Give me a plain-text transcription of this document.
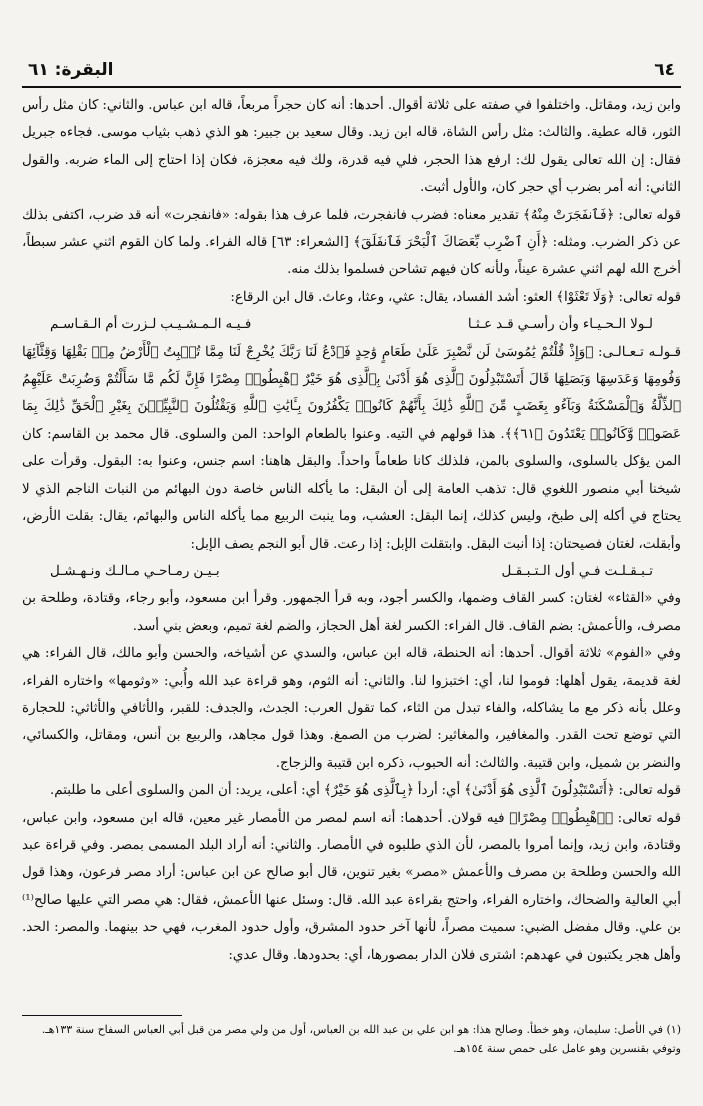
٦٤
البقرة: ٦١

وابن زيد، ومقاتل. واختلفوا في صفته على ثلاثة أقوال. أحدها: أنه كان حجراً مربعاً، قاله ابن عباس. والثاني: كان مثل رأس الثور، قاله عطية. والثالث: مثل رأس الشاة، قاله ابن زيد. وقال سعيد بن جبير: هو الذي ذهب بثياب موسى. فجاءه جبريل فقال: إن الله تعالى يقول لك: ارفع هذا الحجر، فلي فيه قدرة، ولك فيه معجزة، فكان إذا احتاج إلى الماء ضربه. والقول الثاني: أنه أمر بضرب أي حجر كان، والأول أثبت.

قوله تعالى: ﴿فَٱنفَجَرَتْ مِنْهُ﴾ تقدير معناه: فضرب فانفجرت، فلما عرف هذا بقوله: «فانفجرت» أنه قد ضرب، اكتفى بذلك عن ذكر الضرب. ومثله: ﴿أَنِ ٱضْرِب بِّعَصَاكَ ٱلْبَحْرَ فَٱنفَلَقَ﴾ [الشعراء: ٦٣] قاله الفراء. ولما كان القوم اثني عشر سبطاً، أخرج الله لهم اثني عشرة عيناً، ولأنه كان فيهم تشاحن فسلموا بذلك منه.

قوله تعالى: ﴿وَلَا تَعْثَوْا﴾ العثو: أشد الفساد، يقال: عثي، وعثا، وعاث. قال ابن الرقاع:

لـولا الـحـيـاء وأن رأسـي قـد عـثـا
فـيـه الـمـشـيـب لـزرت أم الـقـاسـم

قـولـه تـعـالـى: ﴿وَإِذْ قُلْتُمْ يَٰمُوسَىٰ لَن نَّصْبِرَ عَلَىٰ طَعَامٍ وَٰحِدٍ فَٱدْعُ لَنَا رَبَّكَ يُخْرِجْ لَنَا مِمَّا تُنۢبِتُ ٱلْأَرْضُ مِنۢ بَقْلِهَا وَقِثَّآئِهَا وَفُومِهَا وَعَدَسِهَا وَبَصَلِهَا قَالَ أَتَسْتَبْدِلُونَ ٱلَّذِى هُوَ أَدْنَىٰ بِٱلَّذِى هُوَ خَيْرٌ ٱهْبِطُوا۟ مِصْرًا فَإِنَّ لَكُم مَّا سَأَلْتُمْ وَضُرِبَتْ عَلَيْهِمُ ٱلذِّلَّةُ وَٱلْمَسْكَنَةُ وَبَآءُو بِغَضَبٍ مِّنَ ٱللَّهِ ذَٰلِكَ بِأَنَّهُمْ كَانُوا۟ يَكْفُرُونَ بِـَٔايَٰتِ ٱللَّهِ وَيَقْتُلُونَ ٱلنَّبِيِّـۧنَ بِغَيْرِ ٱلْحَقِّ ذَٰلِكَ بِمَا عَصَوا۟ وَّكَانُوا۟ يَعْتَدُونَ ﴿٦١﴾﴾. هذا قولهم في التيه. وعنوا بالطعام الواحد: المن والسلوى. قال محمد بن القاسم: كان المن يؤكل بالسلوى، والسلوى بالمن، فلذلك كانا طعاماً واحداً. والبقل هاهنا: اسم جنس، وعنوا به: البقول. وقرأت على شيخنا أبي منصور اللغوي قال: تذهب العامة إلى أن البقل: ما يأكله الناس خاصة دون البهائم من النبات الناجم الذي لا يحتاج في أكله إلى طبخ، وليس كذلك، إنما البقل: العشب، وما ينبت الربيع مما يأكله الناس والبهائم، يقال: بقلت الأرض، وأبقلت، لغتان فصيحتان: إذا أنبت البقل. وابتقلت الإبل: إذا رعت. قال أبو النجم يصف الإبل:

تـبـقـلـت فـي أول الـتـبـقـل
بـيـن رمـاحـي مـالـك ونـهـشـل

وفي «القثاء» لغتان: كسر القاف وضمها، والكسر أجود، وبه قرأ الجمهور. وقرأ ابن مسعود، وأبو رجاء، وقتادة، وطلحة بن مصرف، والأعمش: بضم القاف. قال الفراء: الكسر لغة أهل الحجاز، والضم لغة تميم، وبعض بني أسد.

وفي «الفوم» ثلاثة أقوال. أحدها: أنه الحنطة، قاله ابن عباس، والسدي عن أشياخه، والحسن وأبو مالك، قال الفراء: هي لغة قديمة، يقول أهلها: فوموا لنا، أي: اختبزوا لنا. والثاني: أنه الثوم، وهو قراءة عبد الله وأُبي: «وثومها» واختاره الفراء، وعلل بأنه ذكر مع ما يشاكله، والفاء تبدل من الثاء، كما تقول العرب: الجدث، والجدف: للقبر، والأثافي والأثاثي: للحجارة التي توضع تحت القدر. والمغافير، والمغاثير: لضرب من الصمغ. وهذا قول مجاهد، والربيع بن أنس، ومقاتل، والكسائي، والنضر بن شميل، وابن قتيبة. والثالث: أنه الحبوب، ذكره ابن قتيبة والزجاج.

قوله تعالى: ﴿أَتَسْتَبْدِلُونَ ٱلَّذِى هُوَ أَدْنَىٰ﴾ أي: أردأ ﴿بِٱلَّذِى هُوَ خَيْرٌ﴾ أي: أعلى، يريد: أن المن والسلوى أعلى ما طلبتم.

قوله تعالى: ﴿ٱهْبِطُوا۟ مِصْرًا﴾ فيه قولان. أحدهما: أنه اسم لمصر من الأمصار غير معين، قاله ابن مسعود، وابن عباس، وقتادة، وابن زيد، وإنما أمروا بالمصر، لأن الذي طلبوه في الأمصار. والثاني: أنه أراد البلد المسمى بمصر. وفي قراءة عبد الله والحسن وطلحة بن مصرف والأعمش «مصر» بغير تنوين، قال أبو صالح عن ابن عباس: أراد مصر فرعون، وهذا قول أبي العالية والضحاك، واختاره الفراء، واحتج بقراءة عبد الله. قال: وسئل عنها الأعمش، فقال: هي مصر التي عليها صالح⁽¹⁾ بن علي. وقال مفضل الضبي: سميت مصراً، لأنها آخر حدود المشرق، وأول حدود المغرب، فهي حد بينهما. والمصر: الحد. وأهل هجر يكتبون في عهدهم: اشترى فلان الدار بمصورها، أي: بحدودها. وقال عدي:

(١) في الأصل: سليمان، وهو خطأ. وصالح هذا: هو ابن علي بن عبد الله بن العباس، أول من ولي مصر من قبل أبي العباس السفاح سنة ١٣٣هـ.

وتوفي بقنسرين وهو عامل على حمص سنة ١٥٤هـ.
